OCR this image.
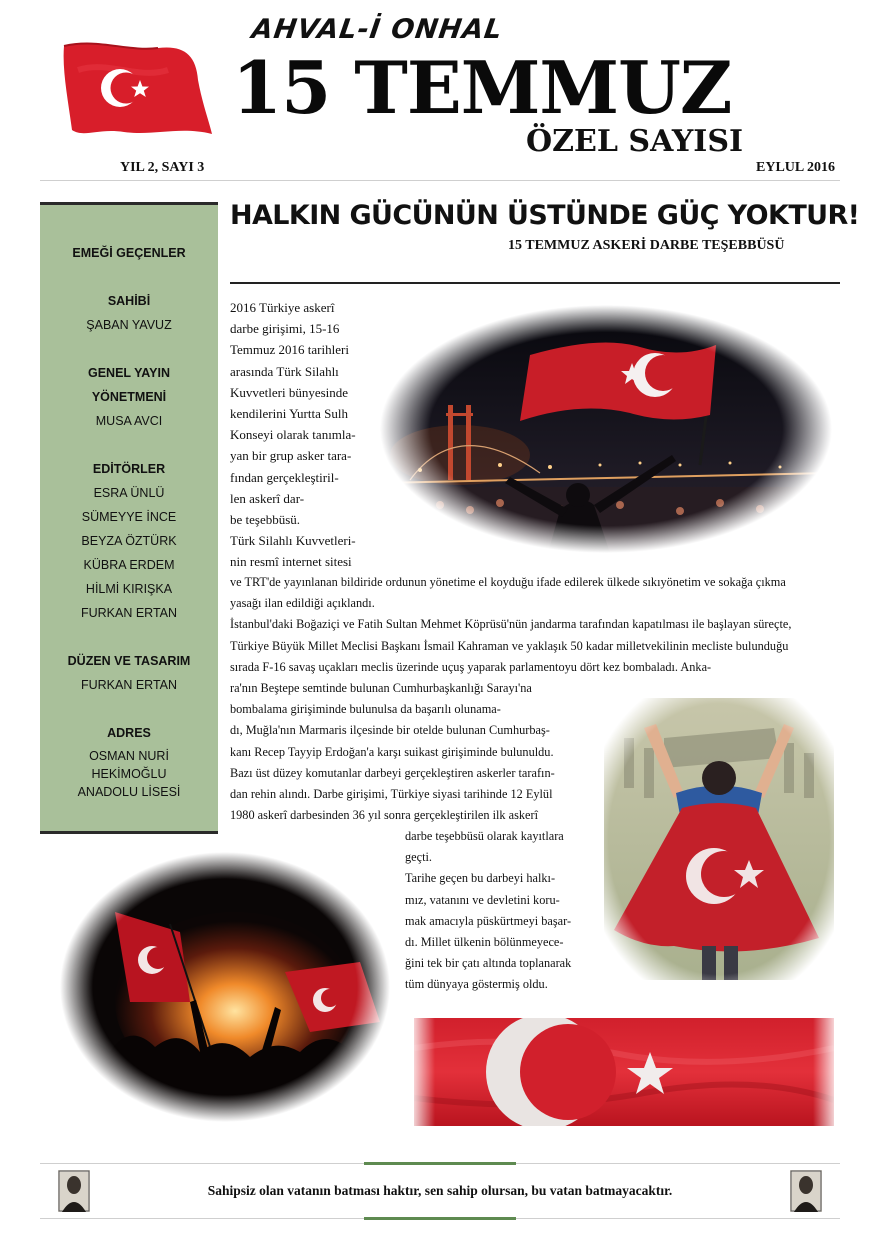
AHVAL-İ ONHAL
15 TEMMUZ
ÖZEL SAYISI
YIL 2, SAYI 3	EYLUL 2016
EMEĞİ GEÇENLER
SAHİBİ
ŞABAN YAVUZ
GENEL YAYIN
YÖNETMENİ
MUSA AVCI
EDİTÖRLER
ESRA ÜNLÜ
SÜMEYYE İNCE
BEYZA ÖZTÜRK
KÜBRA ERDEM
HİLMİ KIRIŞKA
FURKAN ERTAN
DÜZEN VE TASARIM
FURKAN ERTAN
ADRES
OSMAN NURİ
HEKİMOĞLU
ANADOLU LİSESİ
HALKIN GÜCÜNÜN ÜSTÜNDE GÜÇ YOKTUR!
15 TEMMUZ ASKERİ DARBE TEŞEBBÜSÜ
2016 Türkiye askerî
darbe girişimi, 15-16
Temmuz 2016 tarihleri
arasında Türk Silahlı
Kuvvetleri bünyesinde
kendilerini Yurtta Sulh
Konseyi olarak tanımla-
yan bir grup asker tara-
fından gerçekleştiril-
len askerî dar-
be teşebbüsü.
Türk Silahlı Kuvvetleri-
nin resmî internet sitesi
ve TRT'de yayınlanan bildiride ordunun yönetime el koyduğu ifade edilerek ülkede sıkıyönetim ve sokağa çıkma
yasağı ilan edildiği açıklandı.
İstanbul'daki Boğaziçi ve Fatih Sultan Mehmet Köprüsü'nün jandarma tarafından kapatılması ile başlayan süreçte,
Türkiye Büyük Millet Meclisi Başkanı İsmail Kahraman ve yaklaşık 50 kadar milletvekilinin mecliste bulunduğu
sırada F-16 savaş uçakları meclis üzerinde uçuş yaparak parlamentoyu dört kez bombaladı. Anka-
ra'nın Beştepe semtinde bulunan Cumhurbaşkanlığı Sarayı'na
bombalama girişiminde bulunulsa da başarılı olunama-
dı, Muğla'nın Marmaris ilçesinde bir otelde bulunan Cumhurbaş-
kanı Recep Tayyip Erdoğan'a karşı suikast girişiminde bulunuldu.
Bazı üst düzey komutanlar darbeyi gerçekleştiren askerler tarafın-
dan rehin alındı. Darbe girişimi, Türkiye siyasi tarihinde 12 Eylül
1980 askerî darbesinden 36 yıl sonra gerçekleştirilen ilk askerî
darbe teşebbüsü olarak kayıtlara
geçti.
Tarihe geçen bu darbeyi halkı-
mız, vatanını ve devletini koru-
mak amacıyla püskürtmeyi başar-
dı. Millet ülkenin bölünmeyece-
ğini tek bir çatı altında toplanarak
tüm dünyaya göstermiş oldu.
Sahipsiz olan vatanın batması haktır, sen sahip olursan, bu vatan batmayacaktır.
